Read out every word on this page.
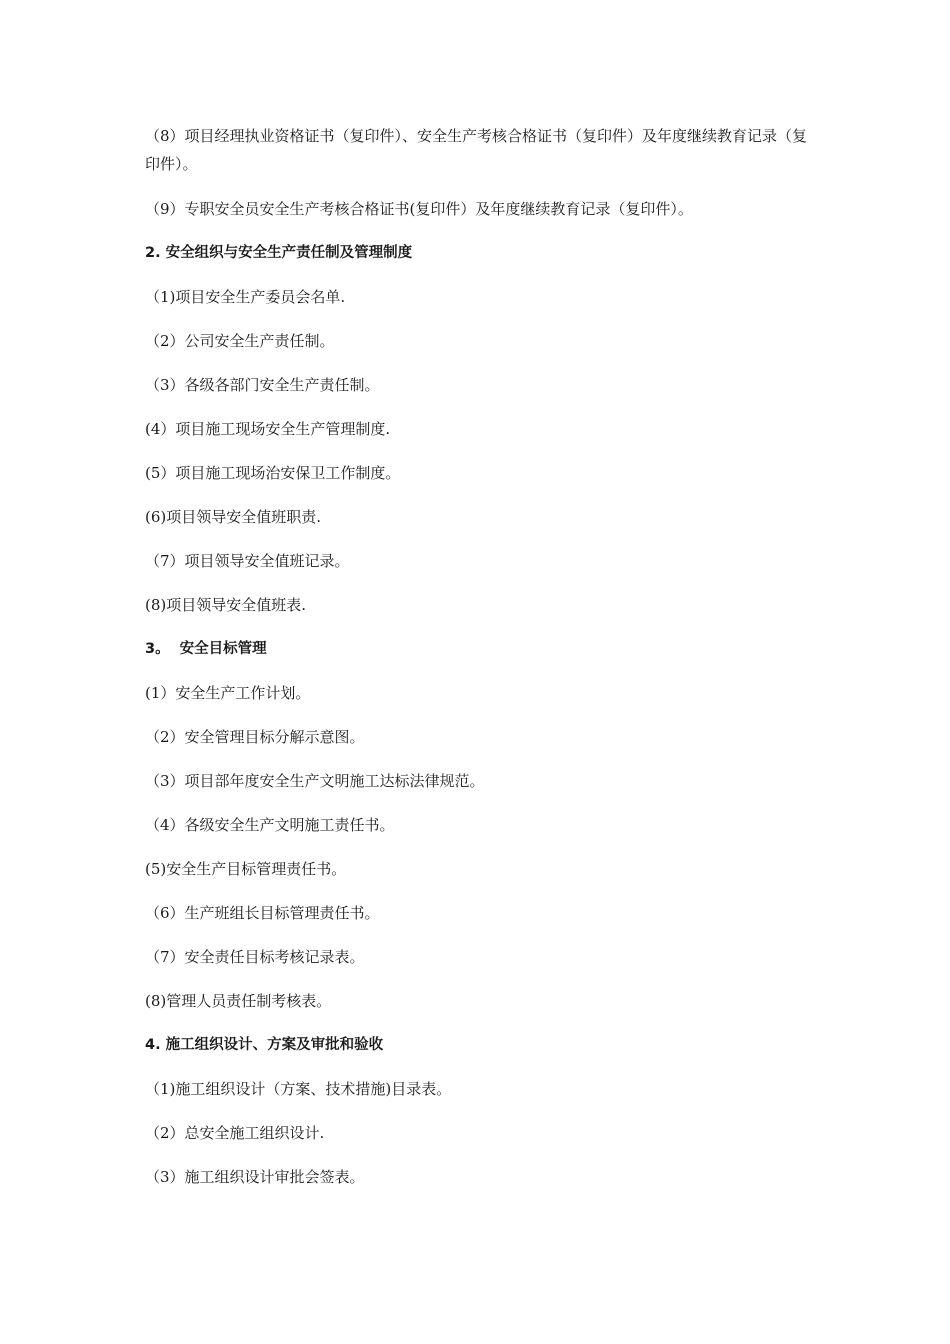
（8）项目经理执业资格证书（复印件）、安全生产考核合格证书（复印件）及年度继续教育记录（复印件）。
（9）专职安全员安全生产考核合格证书(复印件）及年度继续教育记录（复印件）。
2. 安全组织与安全生产责任制及管理制度
（1)项目安全生产委员会名单.
（2）公司安全生产责任制。
（3）各级各部门安全生产责任制。
(4）项目施工现场安全生产管理制度.
(5）项目施工现场治安保卫工作制度。
(6)项目领导安全值班职责.
（7）项目领导安全值班记录。
(8)项目领导安全值班表.
3。  安全目标管理
(1）安全生产工作计划。
（2）安全管理目标分解示意图。
（3）项目部年度安全生产文明施工达标法律规范。
（4）各级安全生产文明施工责任书。
(5)安全生产目标管理责任书。
（6）生产班组长目标管理责任书。
（7）安全责任目标考核记录表。
(8)管理人员责任制考核表。
4. 施工组织设计、方案及审批和验收
（1)施工组织设计（方案、技术措施)目录表。
（2）总安全施工组织设计.
（3）施工组织设计审批会签表。
